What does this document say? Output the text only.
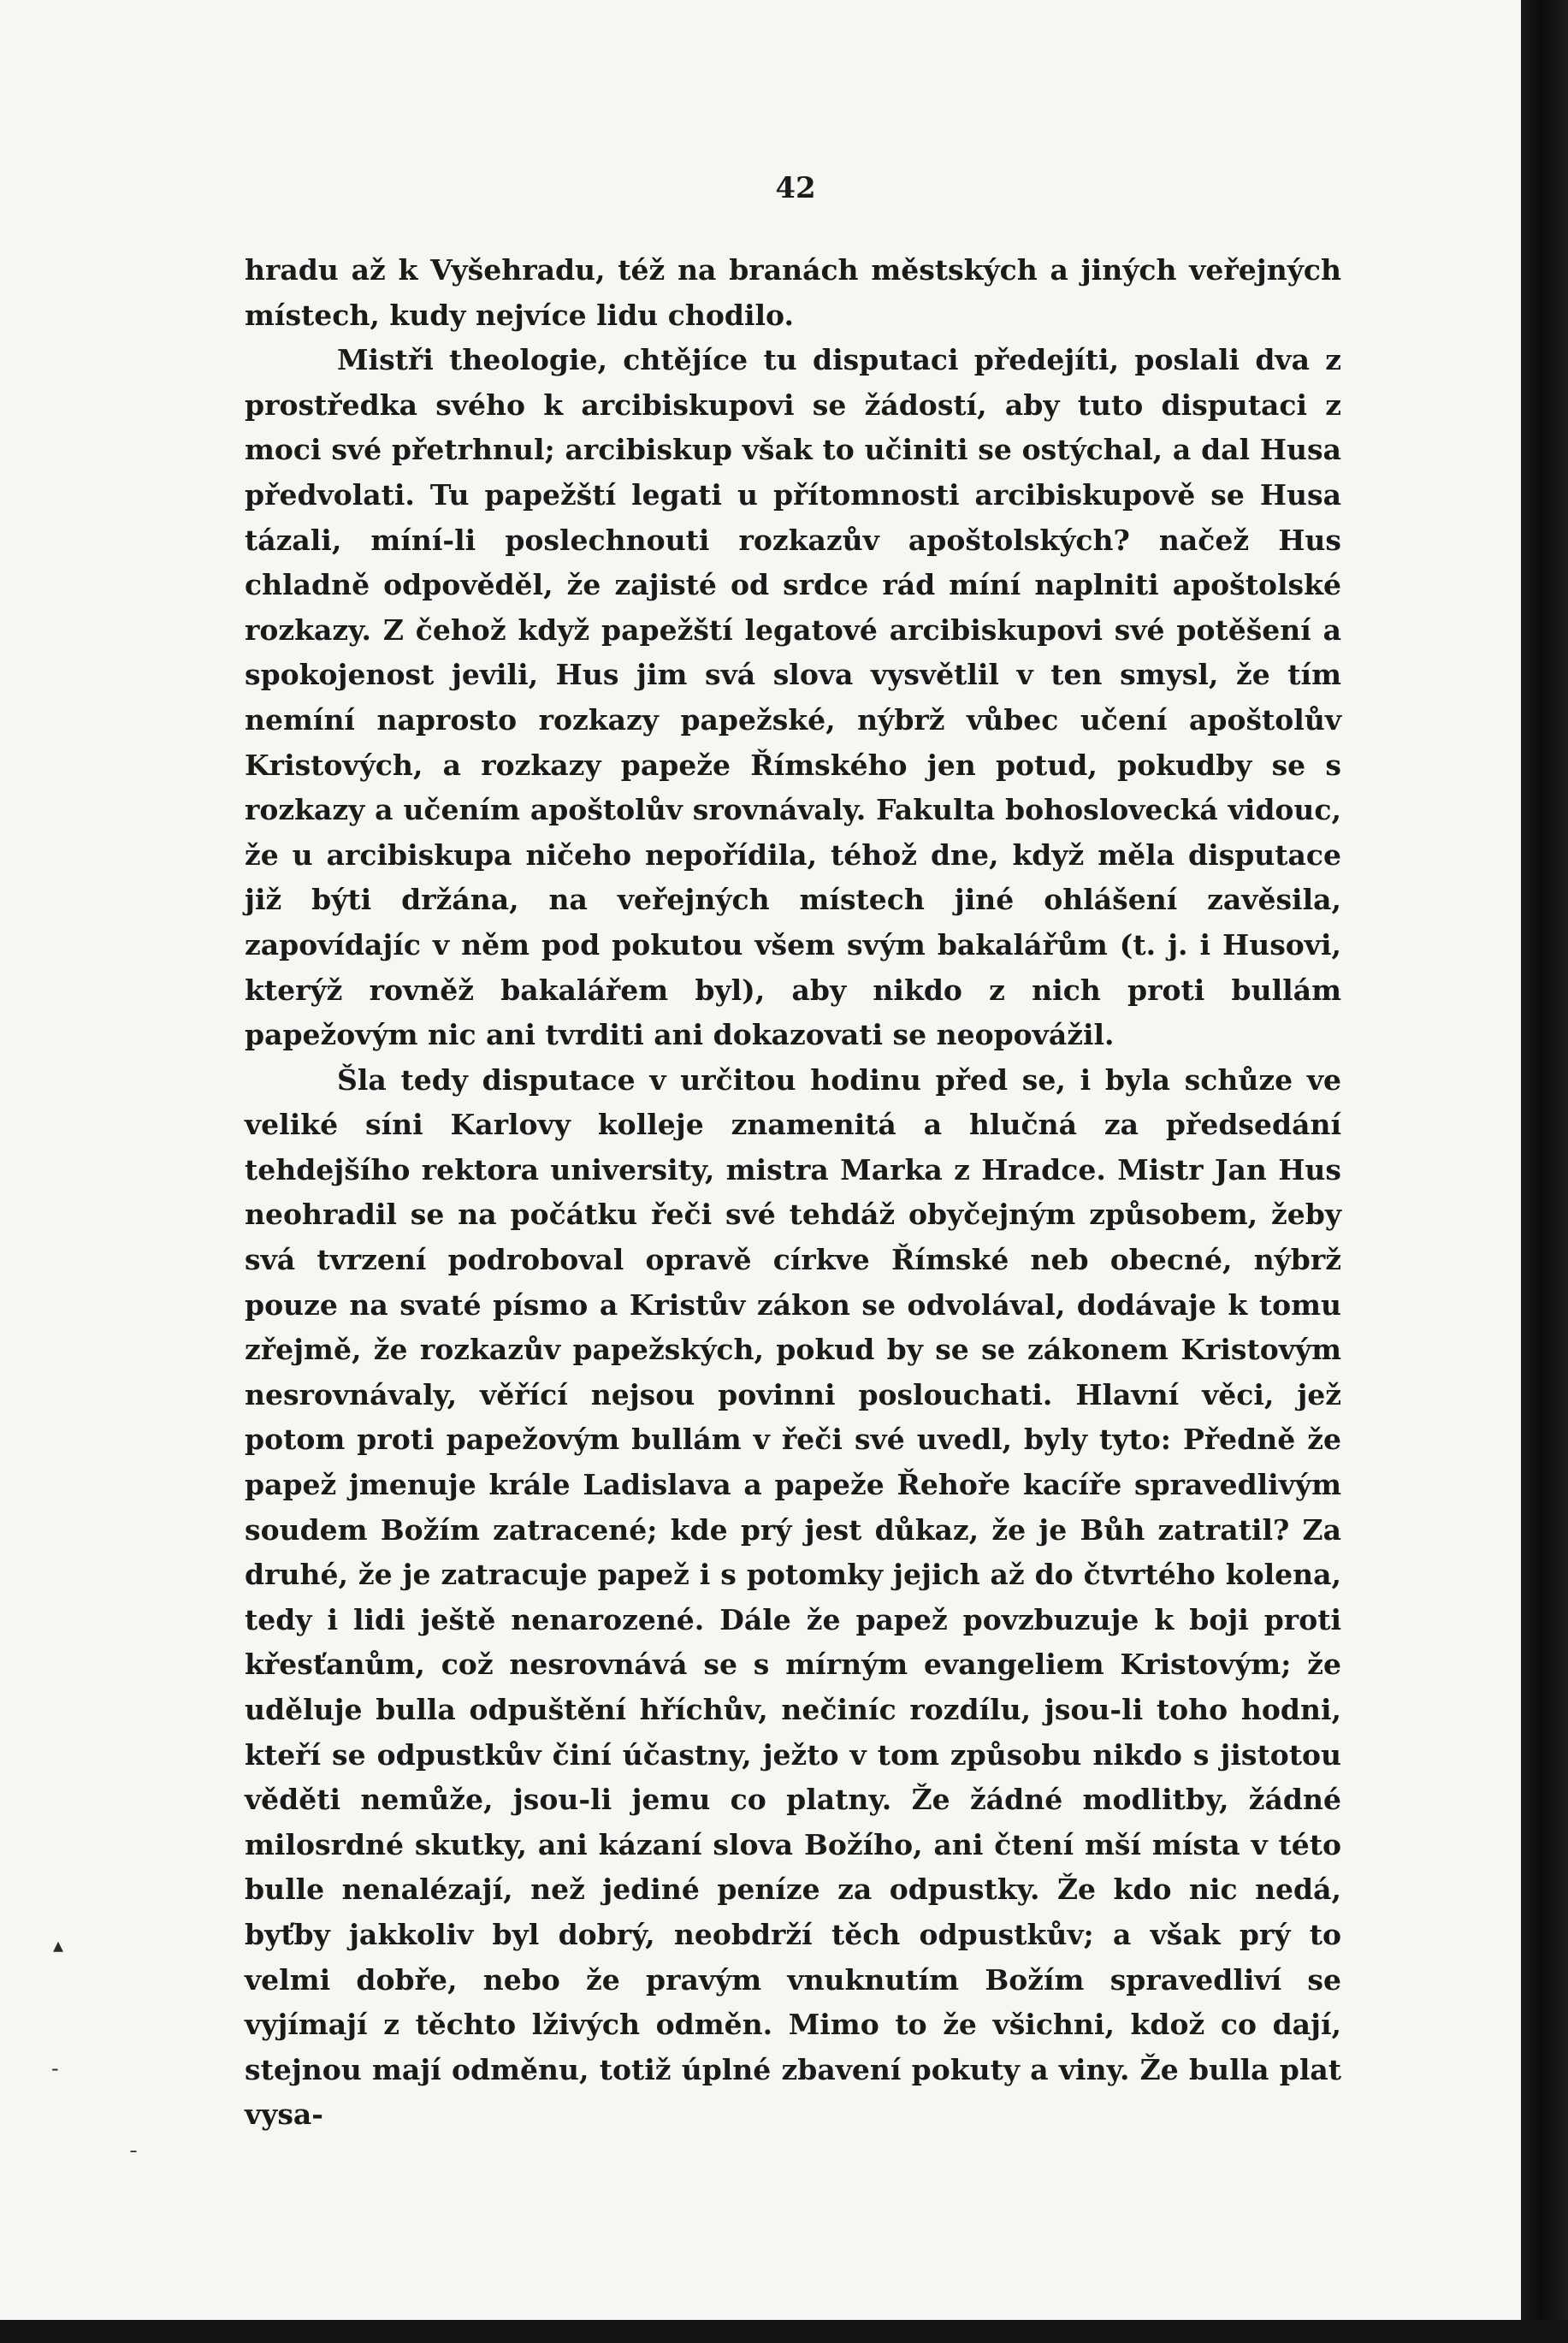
42

hradu až k Vyšehradu, též na branách městských a jiných veřejných místech, kudy nejvíce lidu chodilo.

Mistři theologie, chtějíce tu disputaci předejíti, poslali dva z prostředka svého k arcibiskupovi se žádostí, aby tuto disputaci z moci své přetrhnul; arcibiskup však to učiniti se ostýchal, a dal Husa předvolati. Tu papežští legati u přítomnosti arcibiskupově se Husa tázali, míní-li poslechnouti rozkazův apoštolských? načež Hus chladně odpověděl, že zajisté od srdce rád míní naplniti apoštolské rozkazy. Z čehož když papežští legatové arcibiskupovi své potěšení a spokojenost jevili, Hus jim svá slova vysvětlil v ten smysl, že tím nemíní naprosto rozkazy papežské, nýbrž vůbec učení apoštolův Kristových, a rozkazy papeže Římského jen potud, pokudby se s rozkazy a učením apoštolův srovnávaly. Fakulta bohoslovecká vidouc, že u arcibiskupa ničeho nepořídila, téhož dne, když měla disputace již býti držána, na veřejných místech jiné ohlášení zavěsila, zapovídajíc v něm pod pokutou všem svým bakalářům (t. j. i Husovi, kterýž rovněž bakalářem byl), aby nikdo z nich proti bullám papežovým nic ani tvrditi ani dokazovati se neopovážil.

Šla tedy disputace v určitou hodinu před se, i byla schůze ve veliké síni Karlovy kolleje znamenitá a hlučná za předsedání tehdejšího rektora university, mistra Marka z Hradce. Mistr Jan Hus neohradil se na počátku řeči své tehdáž obyčejným způsobem, žeby svá tvrzení podroboval opravě církve Římské neb obecné, nýbrž pouze na svaté písmo a Kristův zákon se odvolával, dodávaje k tomu zřejmě, že rozkazův papežských, pokud by se se zákonem Kristovým nesrovnávaly, věřící nejsou povinni poslouchati. Hlavní věci, jež potom proti papežovým bullám v řeči své uvedl, byly tyto: Předně že papež jmenuje krále Ladislava a papeže Řehoře kacíře spravedlivým soudem Božím zatracené; kde prý jest důkaz, že je Bůh zatratil? Za druhé, že je zatracuje papež i s potomky jejich až do čtvrtého kolena, tedy i lidi ještě nenarozené. Dále že papež povzbuzuje k boji proti křesťanům, což nesrovnává se s mírným evangeliem Kristovým; že uděluje bulla odpuštění hříchův, nečiníc rozdílu, jsou-li toho hodni, kteří se odpustkův činí účastny, ježto v tom způsobu nikdo s jistotou věděti nemůže, jsou-li jemu co platny. Že žádné modlitby, žádné milosrdné skutky, ani kázaní slova Božího, ani čtení mší místa v této bulle nenalézají, než jediné peníze za odpustky. Že kdo nic nedá, byťby jakkoliv byl dobrý, neobdrží těch odpustkův; a však prý to velmi dobře, nebo že pravým vnuknutím Božím spravedliví se vyjímají z těchto lživých odměn. Mimo to že všichni, kdož co dají, stejnou mají odměnu, totiž úplné zbavení pokuty a viny. Že bulla plat vysa-

▴
-
ˉ
